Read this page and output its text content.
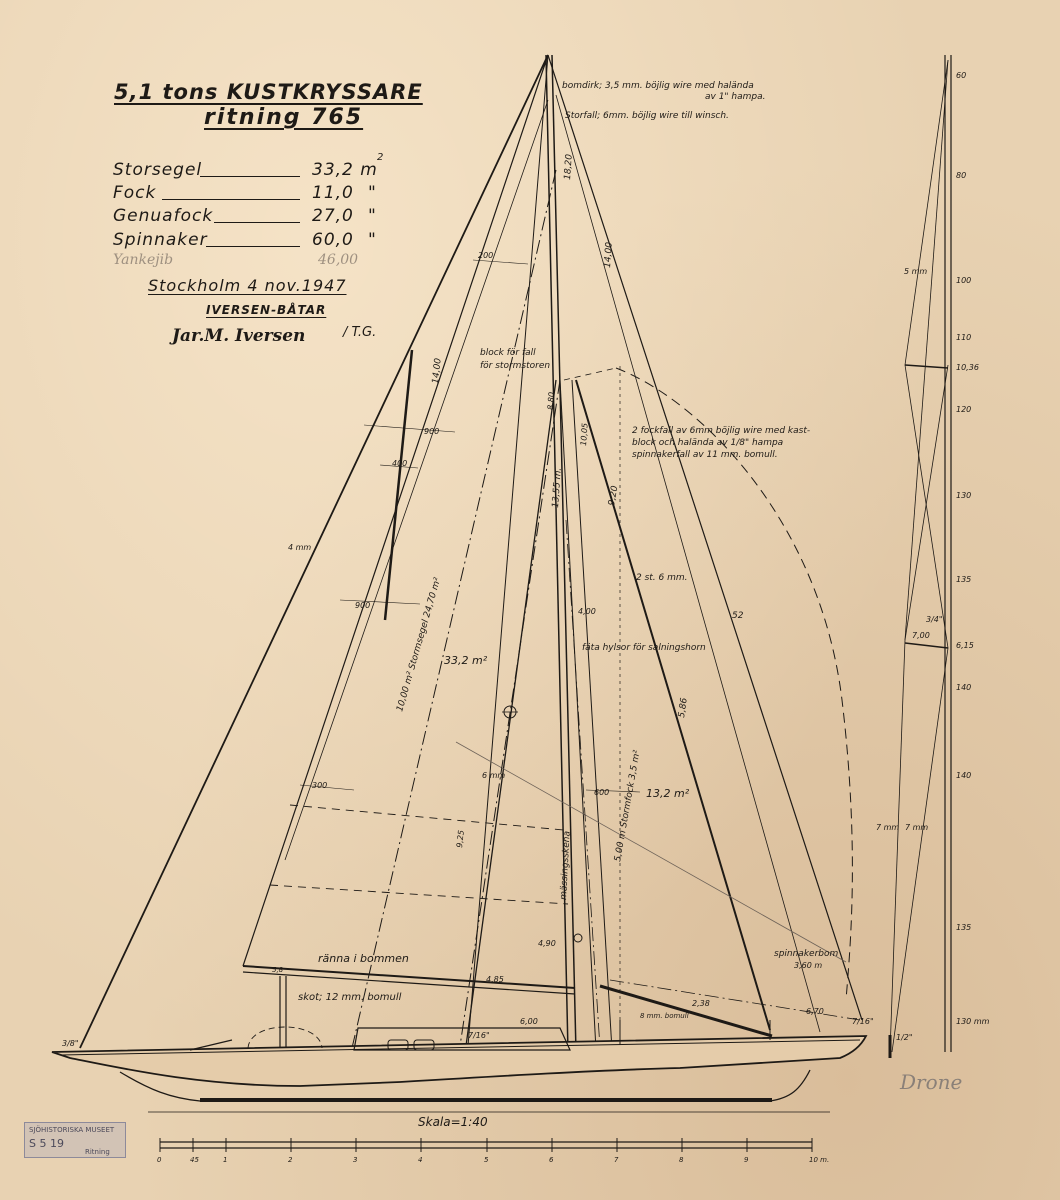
5,1 tons KUSTKRYSSARE
ritning 765
Storsegel	33,2 m
2
Fock	11,0 "
Genuafock	27,0 "
Spinnaker	60,0 "
Yankejib	46,00
Stockholm 4 nov.1947
IVERSEN-BÅTAR
Jar.M. Iversen	/ T.G.
0	45	1	2	3	4	5	6	7	8	9	10 m.
bomdirk; 3,5 mm. böjlig wire med halända
av 1" hampa.
Storfall; 6mm. böjlig wire till winsch.
block för fall
för stormstoren
2 fockfall av 6mm böjlig wire med kast-
block och halända av 1/8" hampa
spinnakerfall av 11 mm. bomull.
2 st. 6 mm.
fäta hylsor för salningshorn
ränna i bommen
skot; 12 mm. bomull
spinnakerbom
3,60 m
8 mm. bomull
10,00 m² Stormsegel 24,70 m²
5,00 m Stormfock 3,5 m²
mässingsskena
18,20
14,00
14,00
200
900
400
900
300
13,55 m.
8,80
10,05
9,20
4,00
33,2 m²
13,2 m²
600
5,86
52
6 mm
9,25
4,90
4,85
6,00
2,38
6,70
4 mm
3/8"
7/16"
7/16"
5,8
60
80
100
110
120
130
135
140
140
135
130 mm
10,36
6,15
7,00
3/4"
5 mm
7 mm 7 mm
1/2"
Skala=1:40
Drone
SJÖHISTORISKA MUSEET
S 5 19
Ritning
